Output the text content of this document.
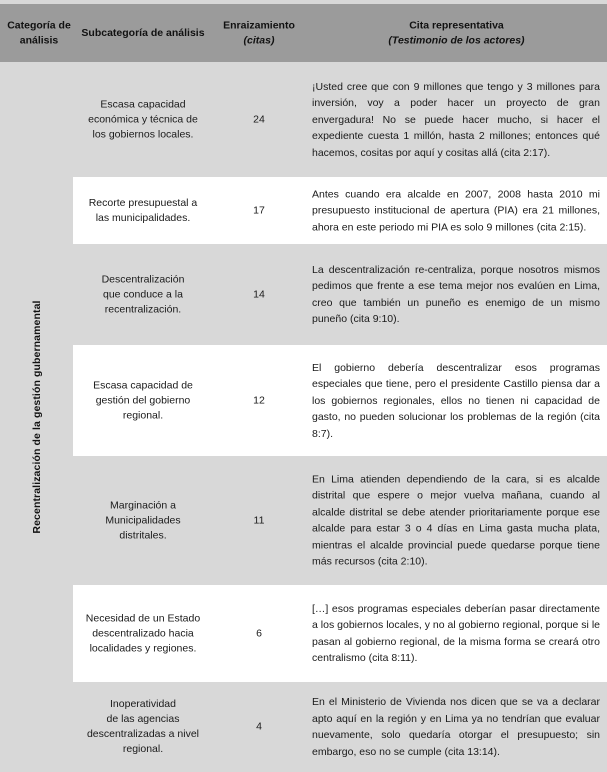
Categoría de
análisis
Subcategoría de análisis
Enraizamiento
(citas)
Cita representativa
(Testimonio de los actores)
Recentralización de la gestión gubernamental
Escasa capacidad
económica y técnica de
los gobiernos locales.
24
¡Usted cree que con 9 millones que tengo y 3 millones para inversión, voy a poder hacer un proyecto de gran envergadura! No se puede hacer mucho, si hacer el expediente cuesta 1 millón, hasta 2 millones; entonces qué hacemos, cositas por aquí y cositas allá (cita 2:17).
Recorte presupuestal a
las municipalidades.
17
Antes cuando era alcalde en 2007, 2008 hasta 2010 mi presupuesto institucional de apertura (PIA) era 21 millones, ahora en este periodo mi PIA es solo 9 millones (cita 2:15).
Descentralización
que conduce a la
recentralización.
14
La descentralización re-centraliza, porque nosotros mismos pedimos que frente a ese tema mejor nos evalúen en Lima, creo que también un puneño es enemigo de un mismo puneño (cita 9:10).
Escasa capacidad de
gestión del gobierno
regional.
12
El gobierno debería descentralizar esos programas especiales que tiene, pero el presidente Castillo piensa dar a los gobiernos regionales, ellos no tienen ni capacidad de gasto, no pueden solucionar los problemas de la región (cita 8:7).
Marginación a
Municipalidades
distritales.
11
En Lima atienden dependiendo de la cara, si es alcalde distrital que espere o mejor vuelva mañana, cuando al alcalde distrital se debe atender prioritariamente porque ese alcalde para estar 3 o 4 días en Lima gasta mucha plata, mientras el alcalde provincial puede quedarse porque tiene más recursos (cita 2:10).
Necesidad de un Estado
descentralizado hacia
localidades y regiones.
6
[…] esos programas especiales deberían pasar directamente a los gobiernos locales, y no al gobierno regional, porque si le pasan al gobierno regional, de la misma forma se creará otro centralismo (cita 8:11).
Inoperatividad
de las agencias
descentralizadas a nivel
regional.
4
En el Ministerio de Vivienda nos dicen que se va a declarar apto aquí en la región y en Lima ya no tendrían que evaluar nuevamente, solo quedaría otorgar el presupuesto; sin embargo, eso no se cumple (cita 13:14).
